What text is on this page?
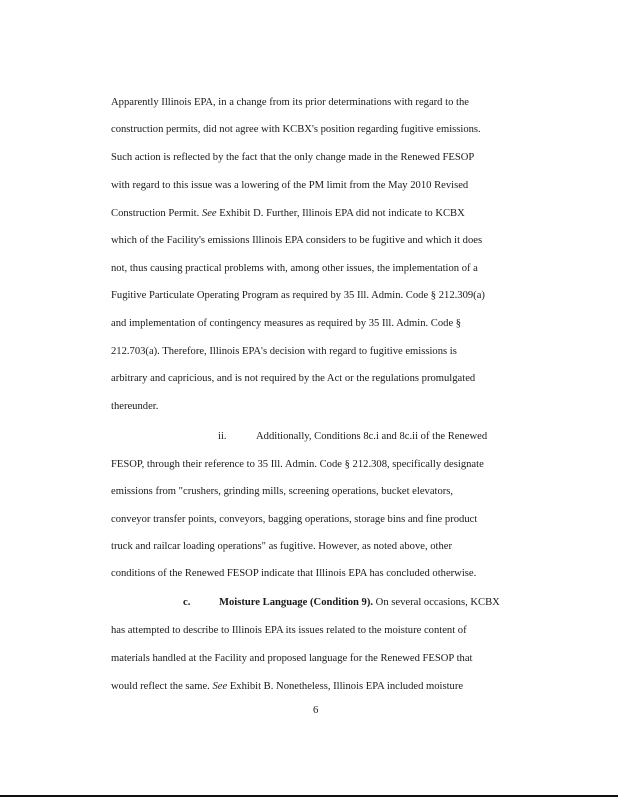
Apparently Illinois EPA, in a change from its prior determinations with regard to the
construction permits, did not agree with KCBX's position regarding fugitive emissions.
Such action is reflected by the fact that the only change made in the Renewed FESOP
with regard to this issue was a lowering of the PM limit from the May 2010 Revised
Construction Permit. See Exhibit D. Further, Illinois EPA did not indicate to KCBX
which of the Facility's emissions Illinois EPA considers to be fugitive and which it does
not, thus causing practical problems with, among other issues, the implementation of a
Fugitive Particulate Operating Program as required by 35 Ill. Admin. Code § 212.309(a)
and implementation of contingency measures as required by 35 Ill. Admin. Code §
212.703(a). Therefore, Illinois EPA's decision with regard to fugitive emissions is
arbitrary and capricious, and is not required by the Act or the regulations promulgated
thereunder.
ii.	Additionally, Conditions 8c.i and 8c.ii of the Renewed
FESOP, through their reference to 35 Ill. Admin. Code § 212.308, specifically designate
emissions from "crushers, grinding mills, screening operations, bucket elevators,
conveyor transfer points, conveyors, bagging operations, storage bins and fine product
truck and railcar loading operations" as fugitive. However, as noted above, other
conditions of the Renewed FESOP indicate that Illinois EPA has concluded otherwise.
c.	Moisture Language (Condition 9). On several occasions, KCBX
has attempted to describe to Illinois EPA its issues related to the moisture content of
materials handled at the Facility and proposed language for the Renewed FESOP that
would reflect the same. See Exhibit B. Nonetheless, Illinois EPA included moisture
6
